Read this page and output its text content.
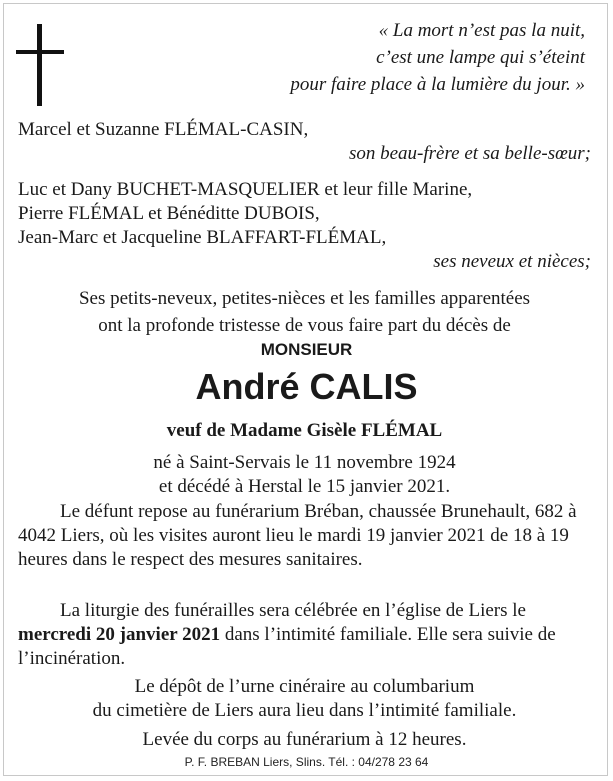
« La mort n’est pas la nuit,
c’est une lampe qui s’éteint
pour faire place à la lumière du jour. »
Marcel et Suzanne FLÉMAL-CASIN,
son beau-frère et sa belle-sœur;
Luc et Dany BUCHET-MASQUELIER et leur fille Marine,
Pierre FLÉMAL et Bénéditte DUBOIS,
Jean-Marc et Jacqueline BLAFFART-FLÉMAL,
ses neveux et nièces;
Ses petits-neveux, petites-nièces et les familles apparentées
ont la profonde tristesse de vous faire part du décès de
MONSIEUR
André CALIS
veuf de Madame Gisèle FLÉMAL
né à Saint-Servais le 11 novembre 1924
et décédé à Herstal le 15 janvier 2021.
Le défunt repose au funérarium Bréban, chaussée Brunehault, 682 à 4042 Liers, où les visites auront lieu le mardi 19 janvier 2021 de 18 à 19 heures dans le respect des mesures sanitaires.
La liturgie des funérailles sera célébrée en l’église de Liers le mercredi 20 janvier 2021 dans l’intimité familiale. Elle sera suivie de l’incinération.
Le dépôt de l’urne cinéraire au columbarium
du cimetière de Liers aura lieu dans l’intimité familiale.
Levée du corps au funérarium à 12 heures.
P. F. BREBAN Liers, Slins. Tél. : 04/278 23 64
